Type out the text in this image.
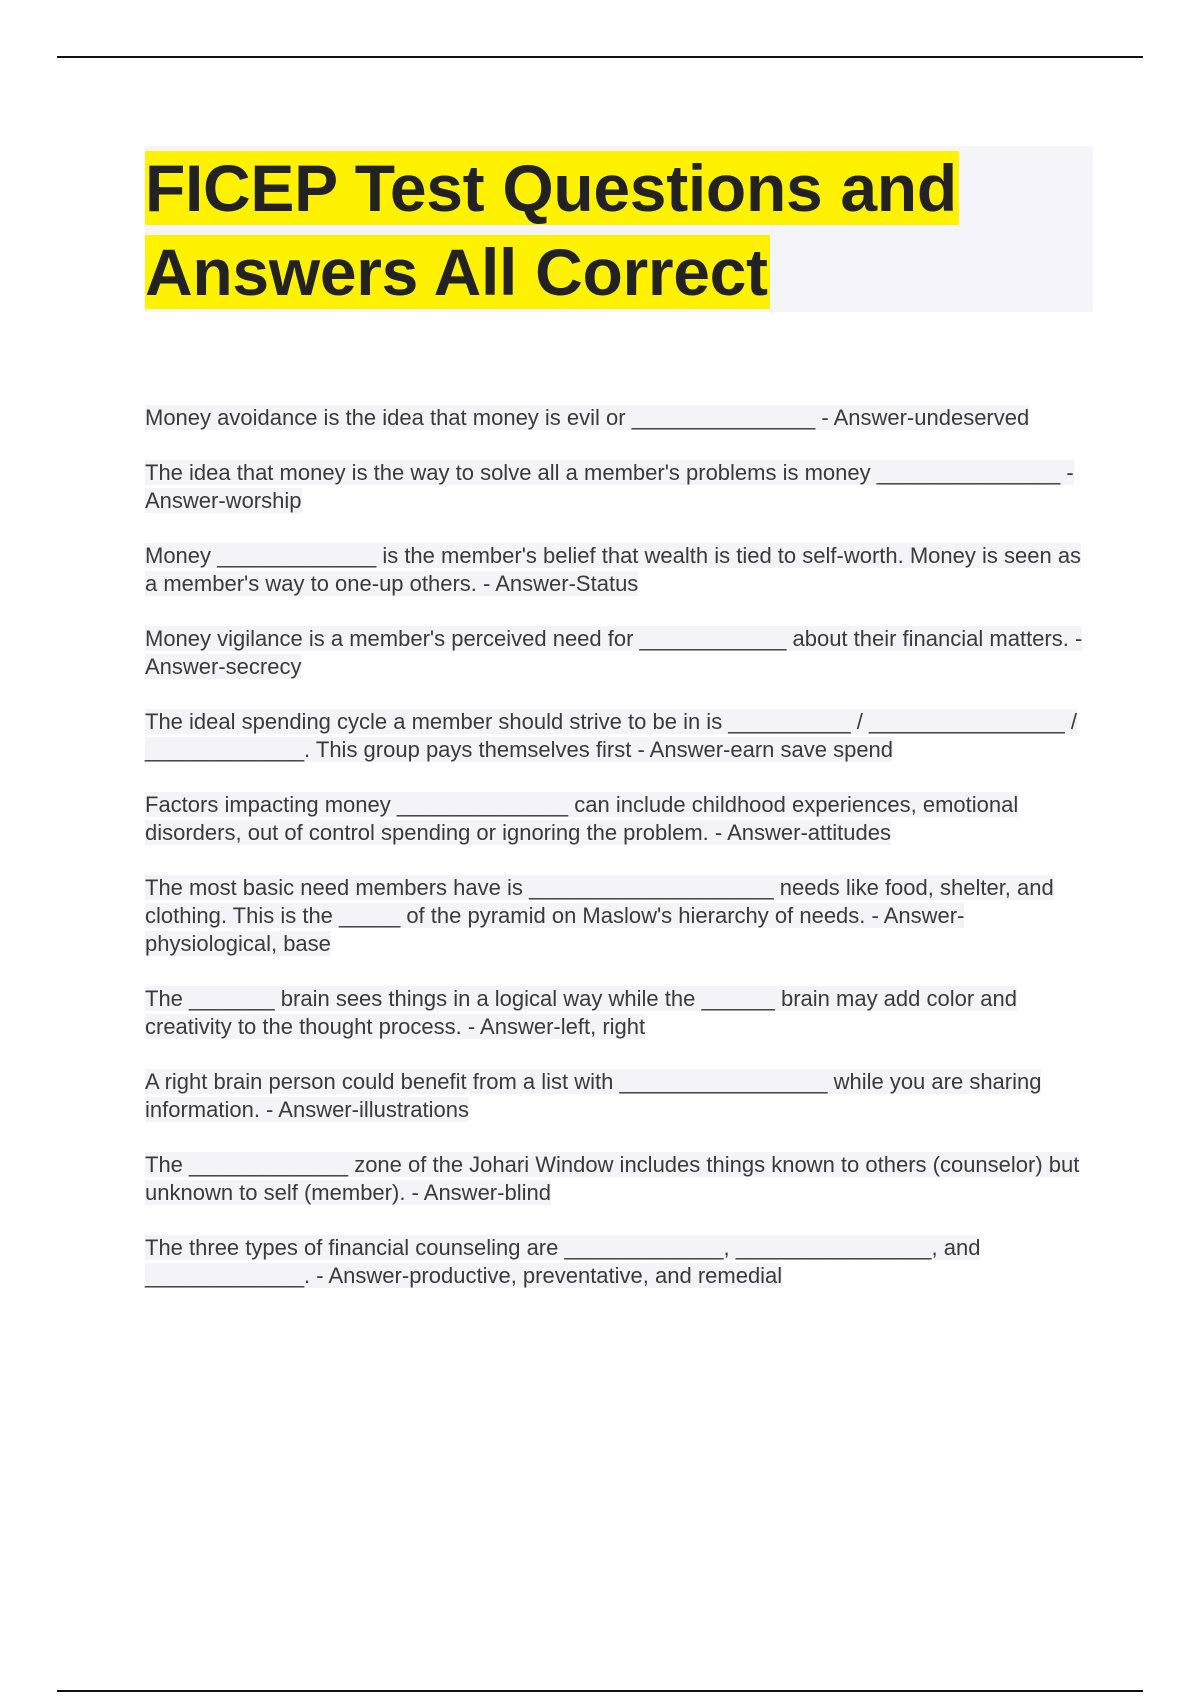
FICEP Test Questions and Answers All Correct

Money avoidance is the idea that money is evil or _______________ - Answer-undeserved

The idea that money is the way to solve all a member's problems is money _______________ - Answer-worship

Money _____________ is the member's belief that wealth is tied to self-worth. Money is seen as a member's way to one-up others. - Answer-Status

Money vigilance is a member's perceived need for ____________ about their financial matters. - Answer-secrecy

The ideal spending cycle a member should strive to be in is __________ / ________________ / _____________. This group pays themselves first - Answer-earn save spend

Factors impacting money ______________ can include childhood experiences, emotional disorders, out of control spending or ignoring the problem. - Answer-attitudes

The most basic need members have is ____________________ needs like food, shelter, and clothing. This is the _____ of the pyramid on Maslow's hierarchy of needs. - Answer-physiological, base

The _______ brain sees things in a logical way while the ______ brain may add color and creativity to the thought process. - Answer-left, right

A right brain person could benefit from a list with _________________ while you are sharing information. - Answer-illustrations

The _____________ zone of the Johari Window includes things known to others (counselor) but unknown to self (member). - Answer-blind

The three types of financial counseling are _____________, ________________, and _____________. - Answer-productive, preventative, and remedial
